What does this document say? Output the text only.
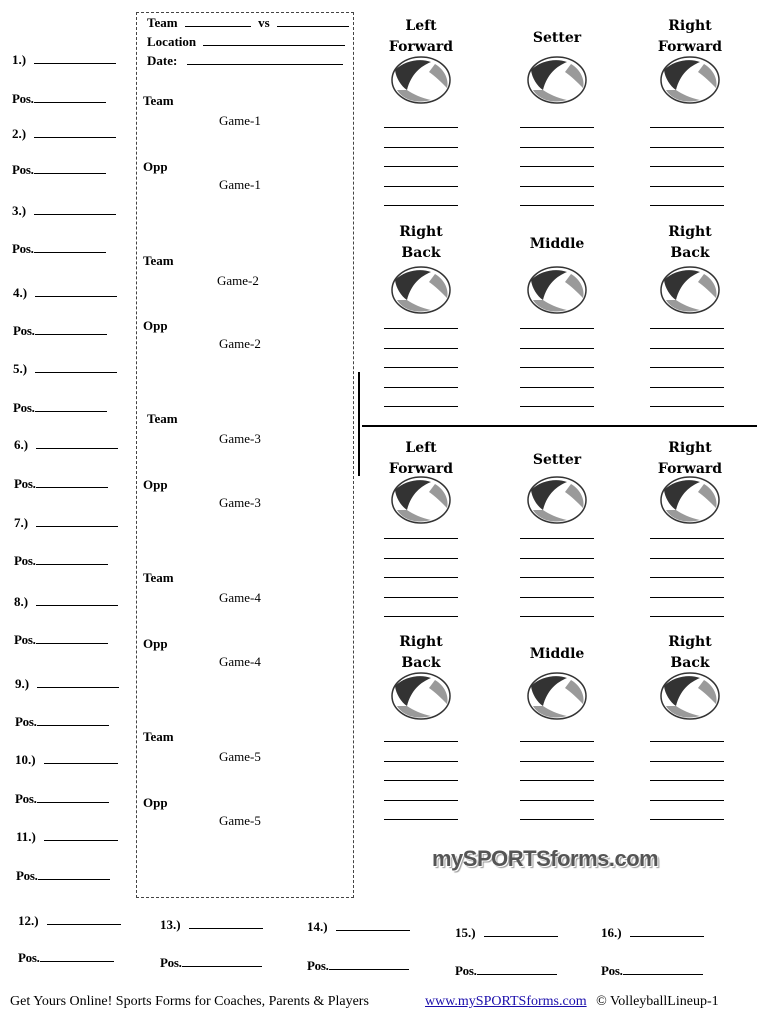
1.)
Pos.
2.)
Pos.
3.)
Pos.
4.)
Pos.
5.)
Pos.
6.)
Pos.
7.)
Pos.
8.)
Pos.
9.)
Pos.
10.)
Pos.
11.)
Pos.
Team	vs
Location
Date:
Team
Game-1
Opp
Game-1
Team
Game-2
Opp
Game-2
Team
Game-3
Opp
Game-3
Team
Game-4
Opp
Game-4
Team
Game-5
Opp
Game-5
Left
Forward
Setter
Right
Forward
Right
Back
Middle
Right
Back
Left
Forward
Setter
Right
Forward
Right
Back
Middle
Right
Back
mySPORTSforms.com
12.)
Pos.
13.)
Pos.
14.)
Pos.
15.)
Pos.
16.)
Pos.
Get Yours Online! Sports Forms for Coaches, Parents & Players	www.mySPORTSforms.com © VolleyballLineup-1
